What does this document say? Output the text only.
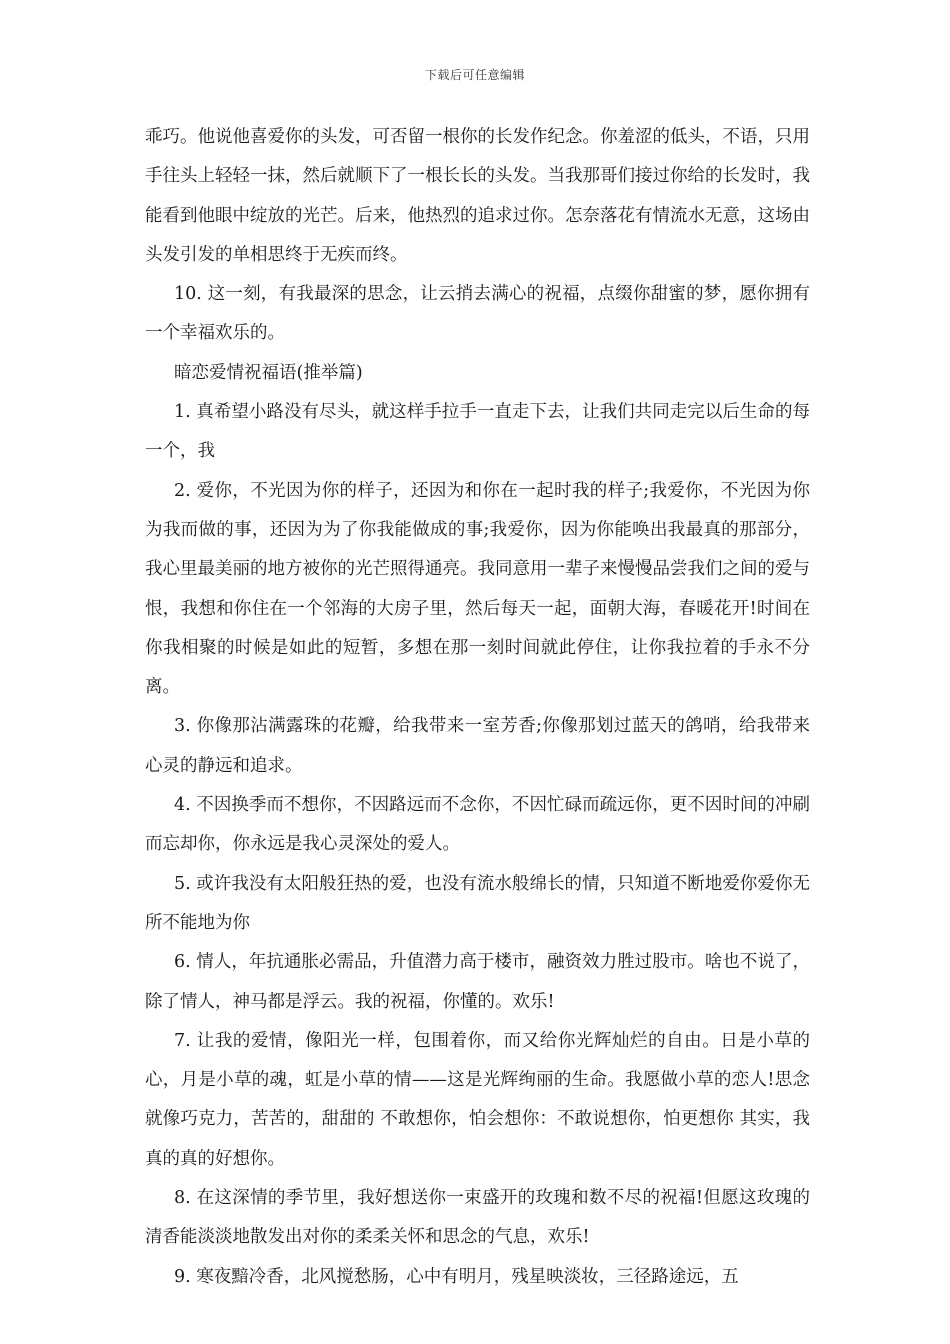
下载后可任意编辑

乖巧。他说他喜爱你的头发，可否留一根你的长发作纪念。你羞涩的低头，不语，只用手往头上轻轻一抹，然后就顺下了一根长长的头发。当我那哥们接过你给的长发时，我能看到他眼中绽放的光芒。后来，他热烈的追求过你。怎奈落花有情流水无意，这场由头发引发的单相思终于无疾而终。

10. 这一刻，有我最深的思念，让云捎去满心的祝福，点缀你甜蜜的梦，愿你拥有一个幸福欢乐的。

暗恋爱情祝福语(推举篇)

1. 真希望小路没有尽头，就这样手拉手一直走下去，让我们共同走完以后生命的每一个，我

2. 爱你，不光因为你的样子，还因为和你在一起时我的样子;我爱你，不光因为你为我而做的事，还因为为了你我能做成的事;我爱你，因为你能唤出我最真的那部分，我心里最美丽的地方被你的光芒照得通亮。我同意用一辈子来慢慢品尝我们之间的爱与恨，我想和你住在一个邻海的大房子里，然后每天一起，面朝大海，春暖花开!时间在你我相聚的时候是如此的短暂，多想在那一刻时间就此停住，让你我拉着的手永不分离。

3. 你像那沾满露珠的花瓣，给我带来一室芳香;你像那划过蓝天的鸽哨，给我带来心灵的静远和追求。

4. 不因换季而不想你，不因路远而不念你，不因忙碌而疏远你，更不因时间的冲刷而忘却你，你永远是我心灵深处的爱人。

5. 或许我没有太阳般狂热的爱，也没有流水般绵长的情，只知道不断地爱你爱你无所不能地为你

6. 情人，年抗通胀必需品，升值潜力高于楼市，融资效力胜过股市。啥也不说了，除了情人，神马都是浮云。我的祝福，你懂的。欢乐!

7. 让我的爱情，像阳光一样，包围着你，而又给你光辉灿烂的自由。日是小草的心，月是小草的魂，虹是小草的情——这是光辉绚丽的生命。我愿做小草的恋人!思念就像巧克力，苦苦的，甜甜的 不敢想你，怕会想你：不敢说想你，怕更想你 其实，我真的真的好想你。

8. 在这深情的季节里，我好想送你一束盛开的玫瑰和数不尽的祝福!但愿这玫瑰的清香能淡淡地散发出对你的柔柔关怀和思念的气息，欢乐!

9. 寒夜黯冷香，北风搅愁肠，心中有明月，残星映淡妆，三径路途远，五
